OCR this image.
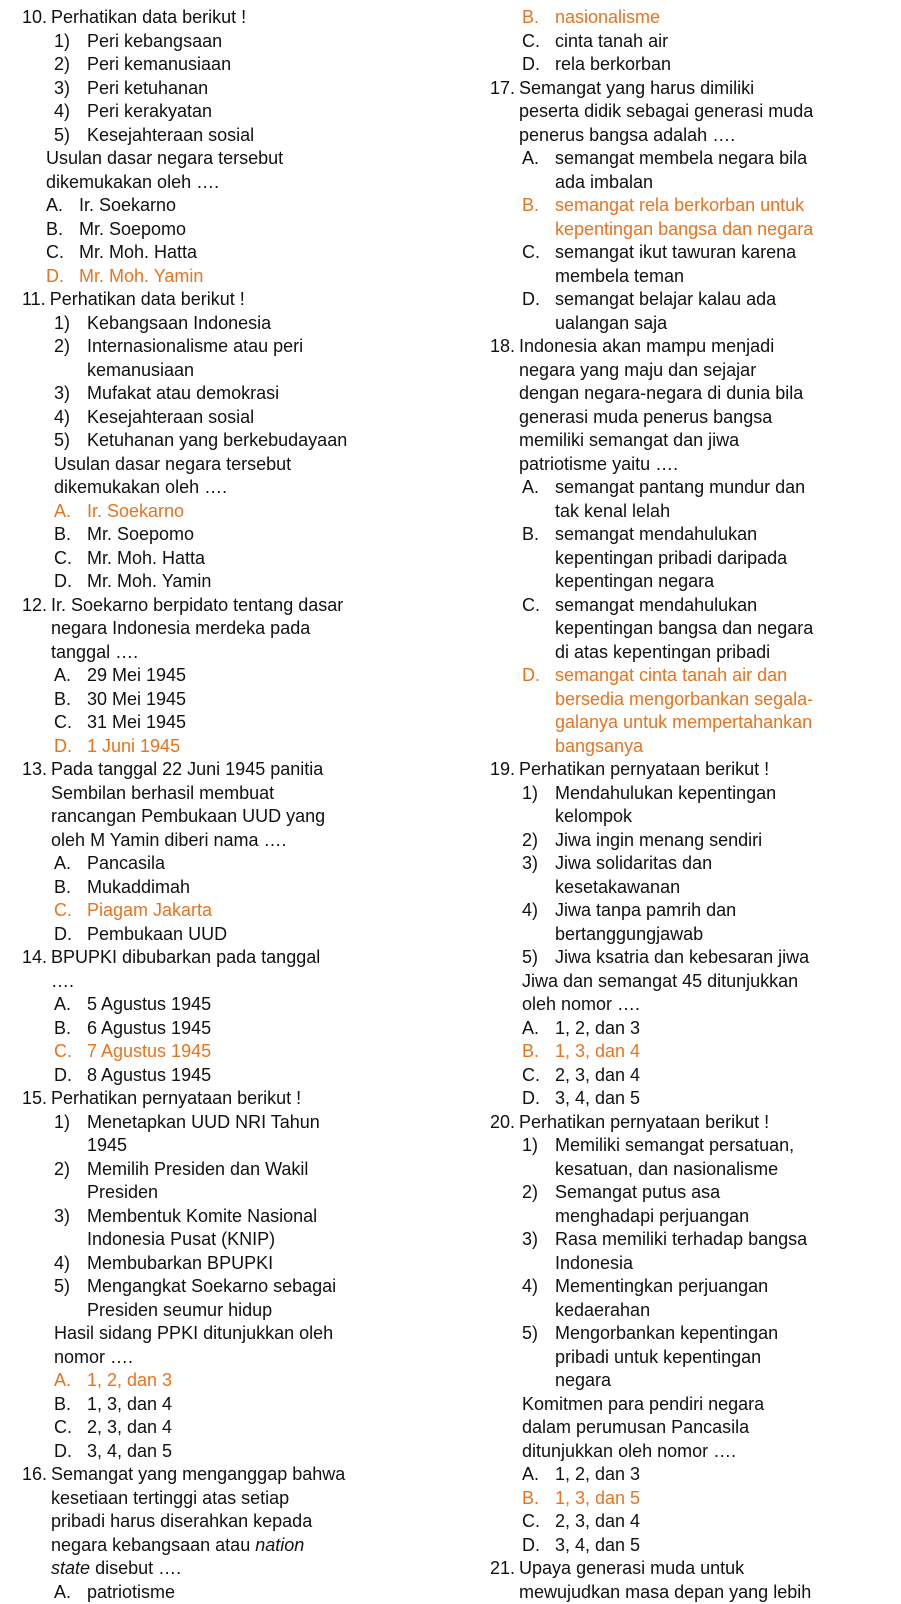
10. Perhatikan data berikut !
1) Peri kebangsaan
2) Peri kemanusiaan
3) Peri ketuhanan
4) Peri kerakyatan
5) Kesejahteraan sosial
Usulan dasar negara tersebut
dikemukakan oleh ….
A. Ir. Soekarno
B. Mr. Soepomo
C. Mr. Moh. Hatta
D. Mr. Moh. Yamin
11. Perhatikan data berikut !
1) Kebangsaan Indonesia
2) Internasionalisme atau peri
kemanusiaan
3) Mufakat atau demokrasi
4) Kesejahteraan sosial
5) Ketuhanan yang berkebudayaan
Usulan dasar negara tersebut
dikemukakan oleh ….
A. Ir. Soekarno
B. Mr. Soepomo
C. Mr. Moh. Hatta
D. Mr. Moh. Yamin
12. Ir. Soekarno berpidato tentang dasar
negara Indonesia merdeka pada
tanggal ….
A. 29 Mei 1945
B. 30 Mei 1945
C. 31 Mei 1945
D. 1 Juni 1945
13. Pada tanggal 22 Juni 1945 panitia
Sembilan berhasil membuat
rancangan Pembukaan UUD yang
oleh M Yamin diberi nama ….
A. Pancasila
B. Mukaddimah
C. Piagam Jakarta
D. Pembukaan UUD
14. BPUPKI dibubarkan pada tanggal
….
A. 5 Agustus 1945
B. 6 Agustus 1945
C. 7 Agustus 1945
D. 8 Agustus 1945
15. Perhatikan pernyataan berikut !
1) Menetapkan UUD NRI Tahun
1945
2) Memilih Presiden dan Wakil
Presiden
3) Membentuk Komite Nasional
Indonesia Pusat (KNIP)
4) Membubarkan BPUPKI
5) Mengangkat Soekarno sebagai
Presiden seumur hidup
Hasil sidang PPKI ditunjukkan oleh
nomor ….
A. 1, 2, dan 3
B. 1, 3, dan 4
C. 2, 3, dan 4
D. 3, 4, dan 5
16. Semangat yang menganggap bahwa
kesetiaan tertinggi atas setiap
pribadi harus diserahkan kepada
negara kebangsaan atau nation
state disebut ….
A. patriotisme
B. nasionalisme
C. cinta tanah air
D. rela berkorban
17. Semangat yang harus dimiliki
peserta didik sebagai generasi muda
penerus bangsa adalah ….
A. semangat membela negara bila
ada imbalan
B. semangat rela berkorban untuk
kepentingan bangsa dan negara
C. semangat ikut tawuran karena
membela teman
D. semangat belajar kalau ada
ualangan saja
18. Indonesia akan mampu menjadi
negara yang maju dan sejajar
dengan negara-negara di dunia bila
generasi muda penerus bangsa
memiliki semangat dan jiwa
patriotisme yaitu ….
A. semangat pantang mundur dan
tak kenal lelah
B. semangat mendahulukan
kepentingan pribadi daripada
kepentingan negara
C. semangat mendahulukan
kepentingan bangsa dan negara
di atas kepentingan pribadi
D. semangat cinta tanah air dan
bersedia mengorbankan segala-
galanya untuk mempertahankan
bangsanya
19. Perhatikan pernyataan berikut !
1) Mendahulukan kepentingan
kelompok
2) Jiwa ingin menang sendiri
3) Jiwa solidaritas dan
kesetakawanan
4) Jiwa tanpa pamrih dan
bertanggungjawab
5) Jiwa ksatria dan kebesaran jiwa
Jiwa dan semangat 45 ditunjukkan
oleh nomor ….
A. 1, 2, dan 3
B. 1, 3, dan 4
C. 2, 3, dan 4
D. 3, 4, dan 5
20. Perhatikan pernyataan berikut !
1) Memiliki semangat persatuan,
kesatuan, dan nasionalisme
2) Semangat putus asa
menghadapi perjuangan
3) Rasa memiliki terhadap bangsa
Indonesia
4) Mementingkan perjuangan
kedaerahan
5) Mengorbankan kepentingan
pribadi untuk kepentingan
negara
Komitmen para pendiri negara
dalam perumusan Pancasila
ditunjukkan oleh nomor ….
A. 1, 2, dan 3
B. 1, 3, dan 5
C. 2, 3, dan 4
D. 3, 4, dan 5
21. Upaya generasi muda untuk
mewujudkan masa depan yang lebih
